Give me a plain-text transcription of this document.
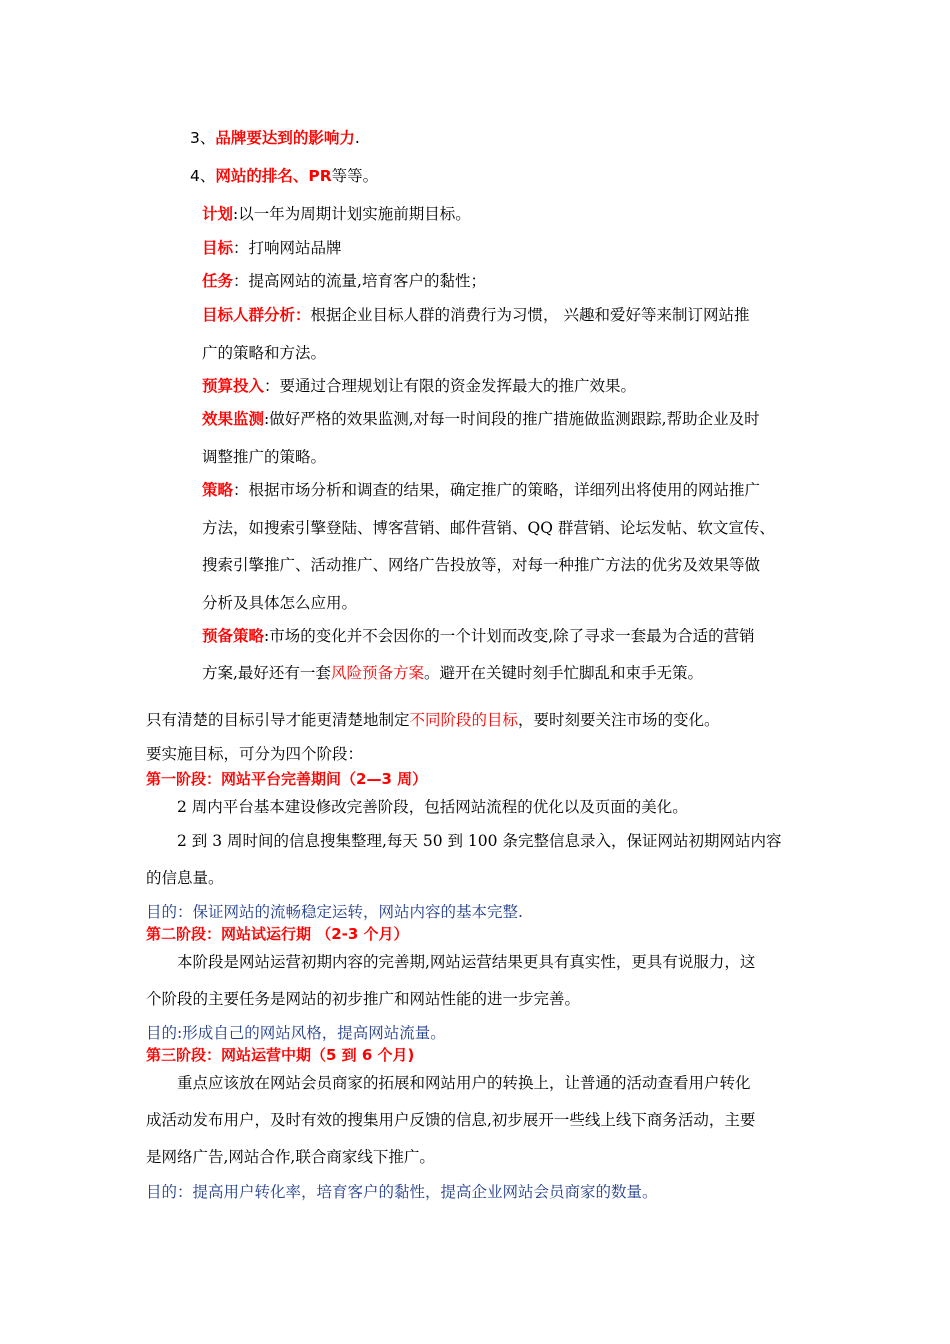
3、品牌要达到的影响力.
4、网站的排名、PR等等。
计划:以一年为周期计划实施前期目标。
目标：打响网站品牌
任务：提高网站的流量,培育客户的黏性；
目标人群分析：根据企业目标人群的消费行为习惯， 兴趣和爱好等来制订网站推
广的策略和方法。
预算投入：要通过合理规划让有限的资金发挥最大的推广效果。
效果监测:做好严格的效果监测,对每一时间段的推广措施做监测跟踪,帮助企业及时
调整推广的策略。
策略：根据市场分析和调查的结果，确定推广的策略，详细列出将使用的网站推广
方法，如搜索引擎登陆、博客营销、邮件营销、QQ 群营销、论坛发帖、软文宣传、
搜索引擎推广、活动推广、网络广告投放等，对每一种推广方法的优劣及效果等做
分析及具体怎么应用。
预备策略:市场的变化并不会因你的一个计划而改变,除了寻求一套最为合适的营销
方案,最好还有一套风险预备方案。避开在关键时刻手忙脚乱和束手无策。
只有清楚的目标引导才能更清楚地制定不同阶段的目标，要时刻要关注市场的变化。
要实施目标，可分为四个阶段：
第一阶段：网站平台完善期间（2—3 周）
2 周内平台基本建设修改完善阶段，包括网站流程的优化以及页面的美化。
2 到 3 周时间的信息搜集整理,每天 50 到 100 条完整信息录入，保证网站初期网站内容
的信息量。
目的：保证网站的流畅稳定运转，网站内容的基本完整.
第二阶段：网站试运行期 （2-3 个月）
本阶段是网站运营初期内容的完善期,网站运营结果更具有真实性，更具有说服力，这
个阶段的主要任务是网站的初步推广和网站性能的进一步完善。
目的:形成自己的网站风格，提高网站流量。
第三阶段：网站运营中期（5 到 6 个月)
重点应该放在网站会员商家的拓展和网站用户的转换上，让普通的活动查看用户转化
成活动发布用户，及时有效的搜集用户反馈的信息,初步展开一些线上线下商务活动，主要
是网络广告,网站合作,联合商家线下推广。
目的：提高用户转化率，培育客户的黏性，提高企业网站会员商家的数量。
